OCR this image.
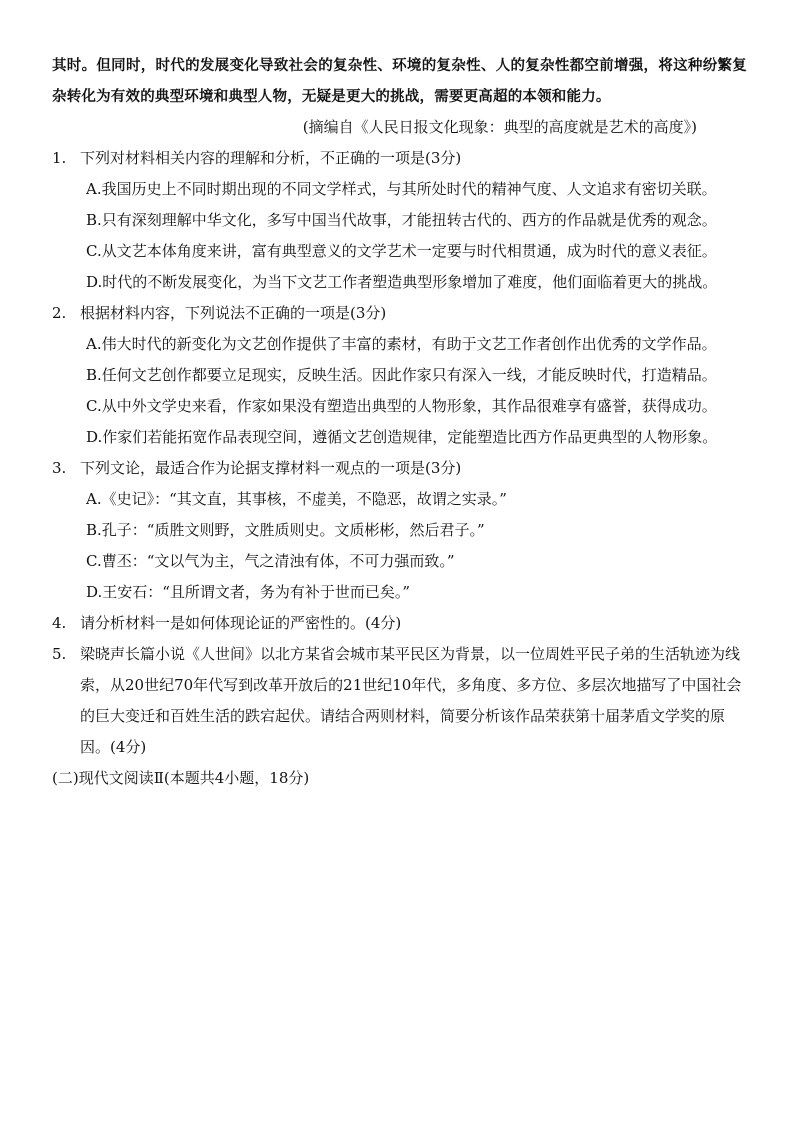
其时。但同时，时代的发展变化导致社会的复杂性、环境的复杂性、人的复杂性都空前增强，将这种纷繁复杂转化为有效的典型环境和典型人物，无疑是更大的挑战，需要更高超的本领和能力。

(摘编自《人民日报文化现象：典型的高度就是艺术的高度》)

1. 下列对材料相关内容的理解和分析，不正确的一项是(3分)

A.我国历史上不同时期出现的不同文学样式，与其所处时代的精神气度、人文追求有密切关联。

B.只有深刻理解中华文化，多写中国当代故事，才能扭转古代的、西方的作品就是优秀的观念。

C.从文艺本体角度来讲，富有典型意义的文学艺术一定要与时代相贯通，成为时代的意义表征。

D.时代的不断发展变化，为当下文艺工作者塑造典型形象增加了难度，他们面临着更大的挑战。

2. 根据材料内容，下列说法不正确的一项是(3分)

A.伟大时代的新变化为文艺创作提供了丰富的素材，有助于文艺工作者创作出优秀的文学作品。

B.任何文艺创作都要立足现实，反映生活。因此作家只有深入一线，才能反映时代，打造精品。

C.从中外文学史来看，作家如果没有塑造出典型的人物形象，其作品很难享有盛誉，获得成功。

D.作家们若能拓宽作品表现空间，遵循文艺创造规律，定能塑造比西方作品更典型的人物形象。

3. 下列文论，最适合作为论据支撑材料一观点的一项是(3分)

A.《史记》：“其文直，其事核，不虚美，不隐恶，故谓之实录。”

B.孔子：“质胜文则野，文胜质则史。文质彬彬，然后君子。”

C.曹丕：“文以气为主，气之清浊有体，不可力强而致。”

D.王安石：“且所谓文者，务为有补于世而已矣。”

4. 请分析材料一是如何体现论证的严密性的。(4分)

5. 梁晓声长篇小说《人世间》以北方某省会城市某平民区为背景，以一位周姓平民子弟的生活轨迹为线索，从20世纪70年代写到改革开放后的21世纪10年代，多角度、多方位、多层次地描写了中国社会的巨大变迁和百姓生活的跌宕起伏。请结合两则材料，简要分析该作品荣获第十届茅盾文学奖的原因。(4分)

(二)现代文阅读Ⅱ(本题共4小题，18分)
